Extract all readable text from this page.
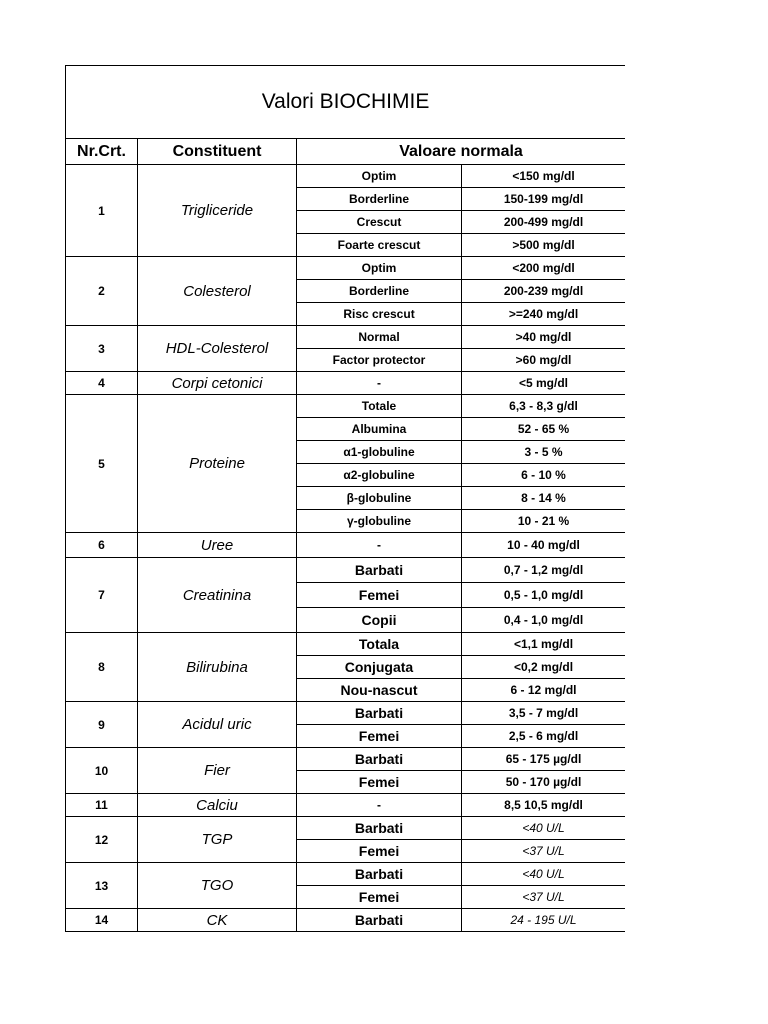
Valori BIOCHIMIE			
Nr.Crt.	Constituent	Valoare normala	
1	Trigliceride	Optim	<150 mg/dl
		Borderline	150-199 mg/dl
		Crescut	200-499 mg/dl
		Foarte crescut	>500 mg/dl
2	Colesterol	Optim	<200 mg/dl
		Borderline	200-239 mg/dl
		Risc crescut	>=240 mg/dl
3	HDL-Colesterol	Normal	>40 mg/dl
		Factor protector	>60 mg/dl
4	Corpi cetonici	-	<5 mg/dl
5	Proteine	Totale	6,3 - 8,3 g/dl
		Albumina	52 - 65 %
		α1-globuline	3 - 5 %
		α2-globuline	6 - 10 %
		β-globuline	8 - 14 %
		γ-globuline	10 - 21 %
6	Uree	-	10 - 40 mg/dl
7	Creatinina	Barbati	0,7 - 1,2 mg/dl
		Femei	0,5 - 1,0 mg/dl
		Copii	0,4 - 1,0 mg/dl
8	Bilirubina	Totala	<1,1 mg/dl
		Conjugata	<0,2 mg/dl
		Nou-nascut	6 - 12 mg/dl
9	Acidul uric	Barbati	3,5 - 7 mg/dl
		Femei	2,5 - 6 mg/dl
10	Fier	Barbati	65 - 175 µg/dl
		Femei	50 - 170 µg/dl
11	Calciu	-	8,5 10,5 mg/dl
12	TGP	Barbati	<40 U/L
		Femei	<37 U/L
13	TGO	Barbati	<40 U/L
		Femei	<37 U/L
14	CK	Barbati	24 - 195 U/L
